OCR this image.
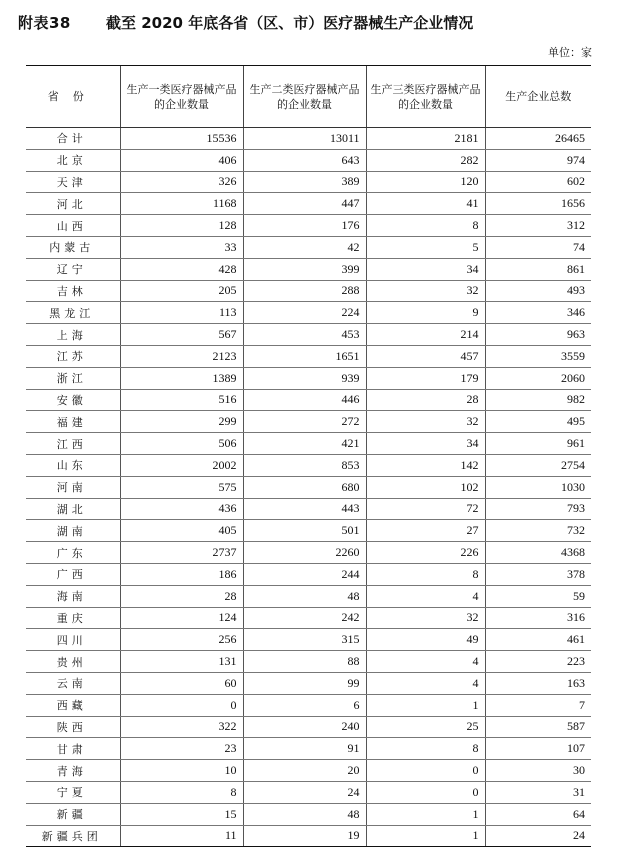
附表38 截至 2020 年底各省（区、市）医疗器械生产企业情况
单位：家
省份	生产一类医疗器械产品的企业数量	生产二类医疗器械产品的企业数量	生产三类医疗器械产品的企业数量	生产企业总数
合计	15536	13011	2181	26465
北京	406	643	282	974
天津	326	389	120	602
河北	1168	447	41	1656
山西	128	176	8	312
内蒙古	33	42	5	74
辽宁	428	399	34	861
吉林	205	288	32	493
黑龙江	113	224	9	346
上海	567	453	214	963
江苏	2123	1651	457	3559
浙江	1389	939	179	2060
安徽	516	446	28	982
福建	299	272	32	495
江西	506	421	34	961
山东	2002	853	142	2754
河南	575	680	102	1030
湖北	436	443	72	793
湖南	405	501	27	732
广东	2737	2260	226	4368
广西	186	244	8	378
海南	28	48	4	59
重庆	124	242	32	316
四川	256	315	49	461
贵州	131	88	4	223
云南	60	99	4	163
西藏	0	6	1	7
陕西	322	240	25	587
甘肃	23	91	8	107
青海	10	20	0	30
宁夏	8	24	0	31
新疆	15	48	1	64
新疆兵团	11	19	1	24
